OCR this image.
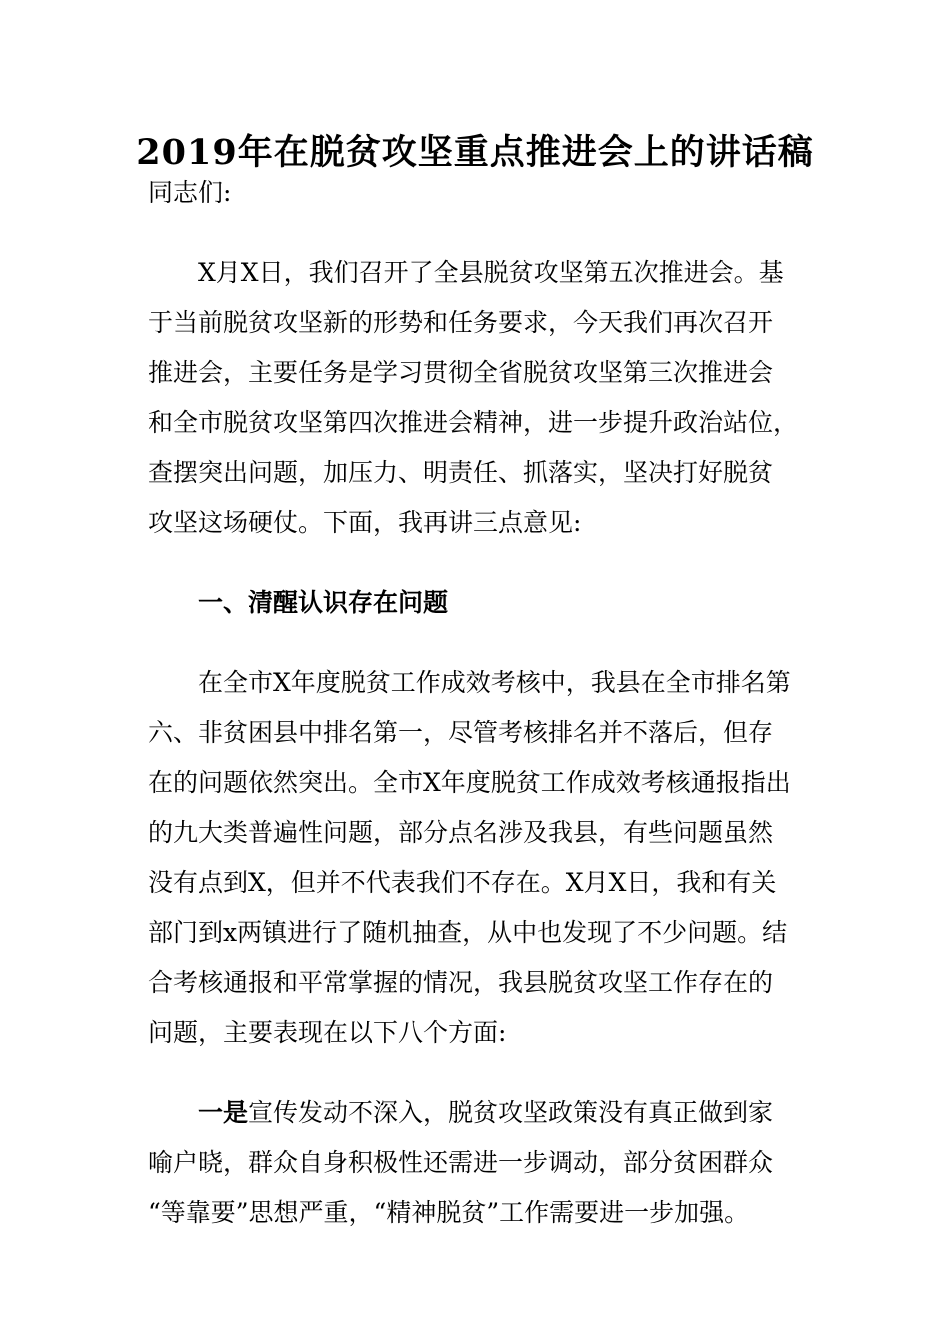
2019年在脱贫攻坚重点推进会上的讲话稿
同志们:
X月X日，我们召开了全县脱贫攻坚第五次推进会。基
于当前脱贫攻坚新的形势和任务要求，今天我们再次召开
推进会，主要任务是学习贯彻全省脱贫攻坚第三次推进会
和全市脱贫攻坚第四次推进会精神，进一步提升政治站位，
查摆突出问题，加压力、明责任、抓落实，坚决打好脱贫
攻坚这场硬仗。下面，我再讲三点意见:
一、清醒认识存在问题
在全市X年度脱贫工作成效考核中，我县在全市排名第
六、非贫困县中排名第一，尽管考核排名并不落后，但存
在的问题依然突出。全市X年度脱贫工作成效考核通报指出
的九大类普遍性问题，部分点名涉及我县，有些问题虽然
没有点到X，但并不代表我们不存在。X月X日，我和有关
部门到x两镇进行了随机抽查，从中也发现了不少问题。结
合考核通报和平常掌握的情况，我县脱贫攻坚工作存在的
问题，主要表现在以下八个方面:
一是宣传发动不深入，脱贫攻坚政策没有真正做到家
喻户晓，群众自身积极性还需进一步调动，部分贫困群众
“等靠要”思想严重，“精神脱贫”工作需要进一步加强。
